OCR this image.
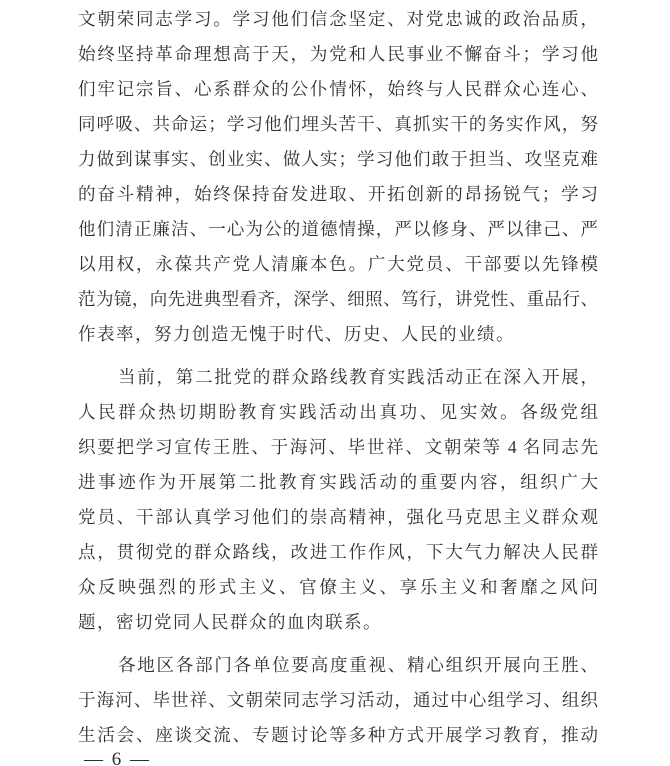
文朝荣同志学习。学习他们信念坚定、对党忠诚的政治品质，
始终坚持革命理想高于天，为党和人民事业不懈奋斗；学习他
们牢记宗旨、心系群众的公仆情怀，始终与人民群众心连心、
同呼吸、共命运；学习他们埋头苦干、真抓实干的务实作风，努
力做到谋事实、创业实、做人实；学习他们敢于担当、攻坚克难
的奋斗精神，始终保持奋发进取、开拓创新的昂扬锐气；学习
他们清正廉洁、一心为公的道德情操，严以修身、严以律己、严
以用权，永葆共产党人清廉本色。广大党员、干部要以先锋模
范为镜，向先进典型看齐，深学、细照、笃行，讲党性、重品行、
作表率，努力创造无愧于时代、历史、人民的业绩。
当前，第二批党的群众路线教育实践活动正在深入开展，
人民群众热切期盼教育实践活动出真功、见实效。各级党组
织要把学习宣传王胜、于海河、毕世祥、文朝荣等 4 名同志先
进事迹作为开展第二批教育实践活动的重要内容，组织广大
党员、干部认真学习他们的崇高精神，强化马克思主义群众观
点，贯彻党的群众路线，改进工作作风，下大气力解决人民群
众反映强烈的形式主义、官僚主义、享乐主义和奢靡之风问
题，密切党同人民群众的血肉联系。
各地区各部门各单位要高度重视、精心组织开展向王胜、
于海河、毕世祥、文朝荣同志学习活动，通过中心组学习、组织
生活会、座谈交流、专题讨论等多种方式开展学习教育，推动
— 6 —
